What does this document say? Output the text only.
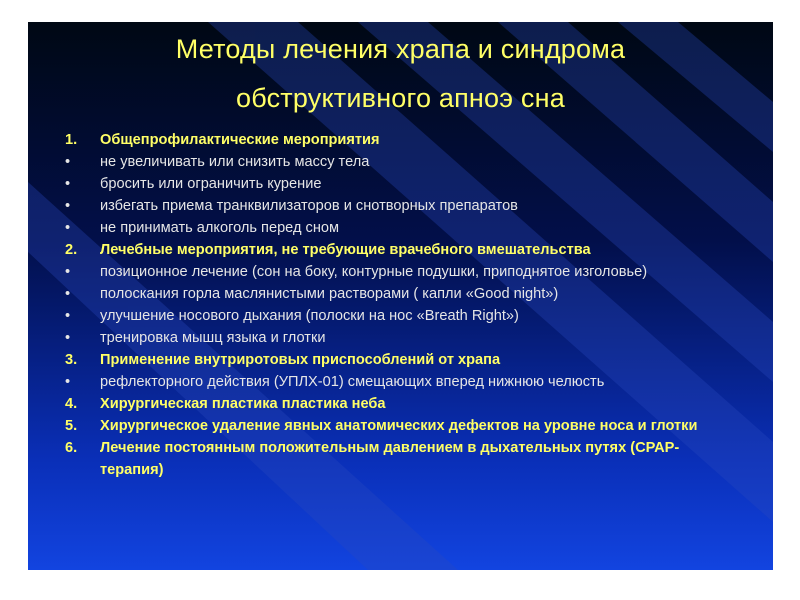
Методы лечения храпа и синдрома
обструктивного апноэ сна
1.	Общепрофилактические мероприятия
•	не увеличивать или снизить массу тела
•	бросить или ограничить курение
•	избегать приема транквилизаторов и снотворных препаратов
•	не принимать алкоголь перед сном
2.	Лечебные мероприятия, не требующие врачебного вмешательства
•	позиционное лечение (сон на боку, контурные подушки, приподнятое изголовье)
•	полоскания горла маслянистыми растворами ( капли «Good night»)
•	улучшение носового дыхания (полоски на нос «Breath Right»)
•	тренировка мышц языка и глотки
3.	Применение внутриротовых приспособлений от храпа
•	рефлекторного действия (УПЛХ-01) смещающих вперед нижнюю челюсть
4.	Хирургическая пластика пластика неба
5.	Хирургическое удаление явных анатомических дефектов на уровне носа и глотки
6.	Лечение постоянным положительным давлением в дыхательных путях (СРАР-терапия)
